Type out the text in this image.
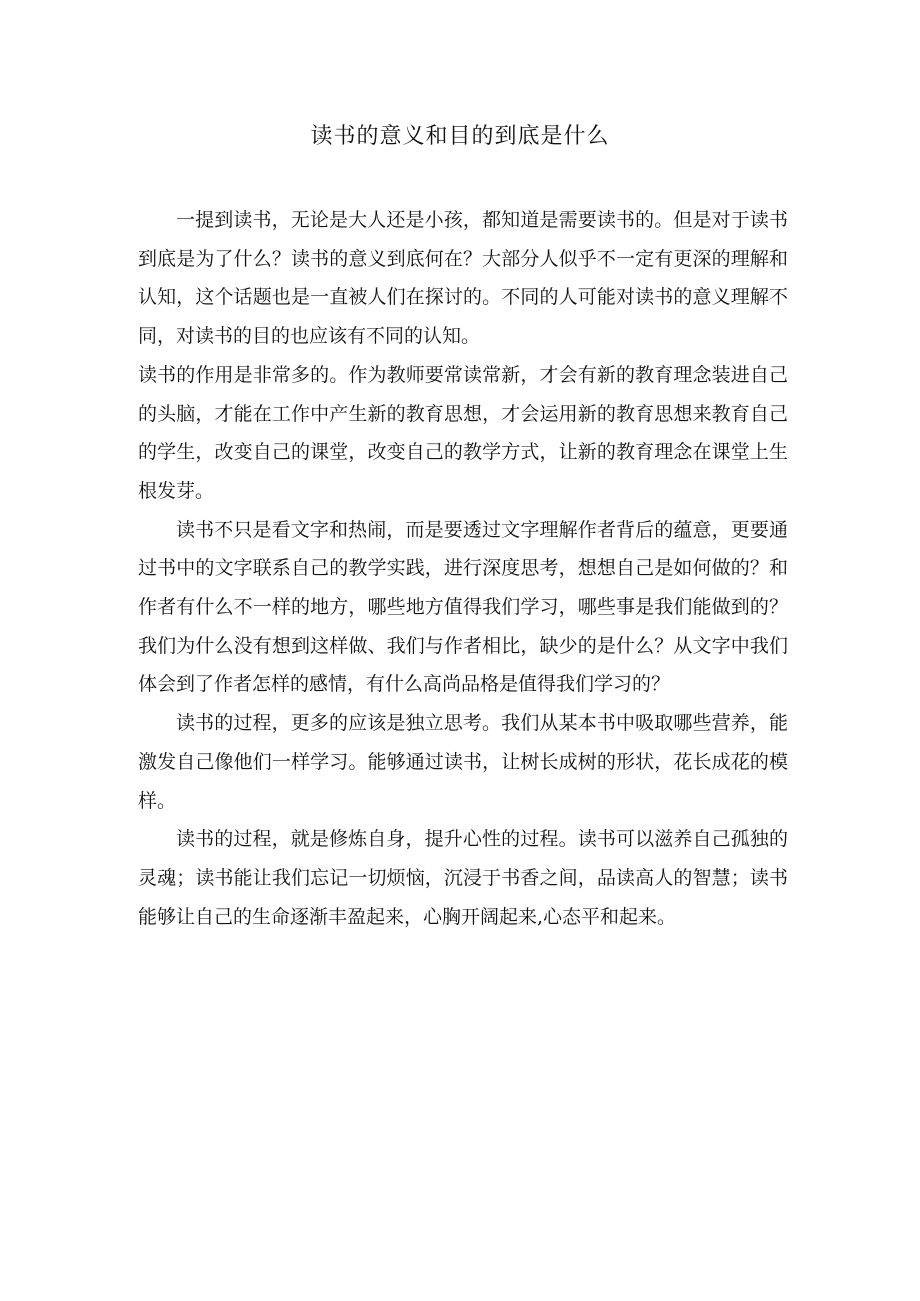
读书的意义和目的到底是什么

一提到读书，无论是大人还是小孩，都知道是需要读书的。但是对于读书到底是为了什么？读书的意义到底何在？大部分人似乎不一定有更深的理解和认知，这个话题也是一直被人们在探讨的。不同的人可能对读书的意义理解不同，对读书的目的也应该有不同的认知。

读书的作用是非常多的。作为教师要常读常新，才会有新的教育理念装进自己的头脑，才能在工作中产生新的教育思想，才会运用新的教育思想来教育自己的学生，改变自己的课堂，改变自己的教学方式，让新的教育理念在课堂上生根发芽。

读书不只是看文字和热闹，而是要透过文字理解作者背后的蕴意，更要通过书中的文字联系自己的教学实践，进行深度思考，想想自己是如何做的？和作者有什么不一样的地方，哪些地方值得我们学习，哪些事是我们能做到的？我们为什么没有想到这样做、我们与作者相比，缺少的是什么？从文字中我们体会到了作者怎样的感情，有什么高尚品格是值得我们学习的？

读书的过程，更多的应该是独立思考。我们从某本书中吸取哪些营养，能激发自己像他们一样学习。能够通过读书，让树长成树的形状，花长成花的模样。

读书的过程，就是修炼自身，提升心性的过程。读书可以滋养自己孤独的灵魂；读书能让我们忘记一切烦恼，沉浸于书香之间，品读高人的智慧；读书能够让自己的生命逐渐丰盈起来，心胸开阔起来,心态平和起来。
